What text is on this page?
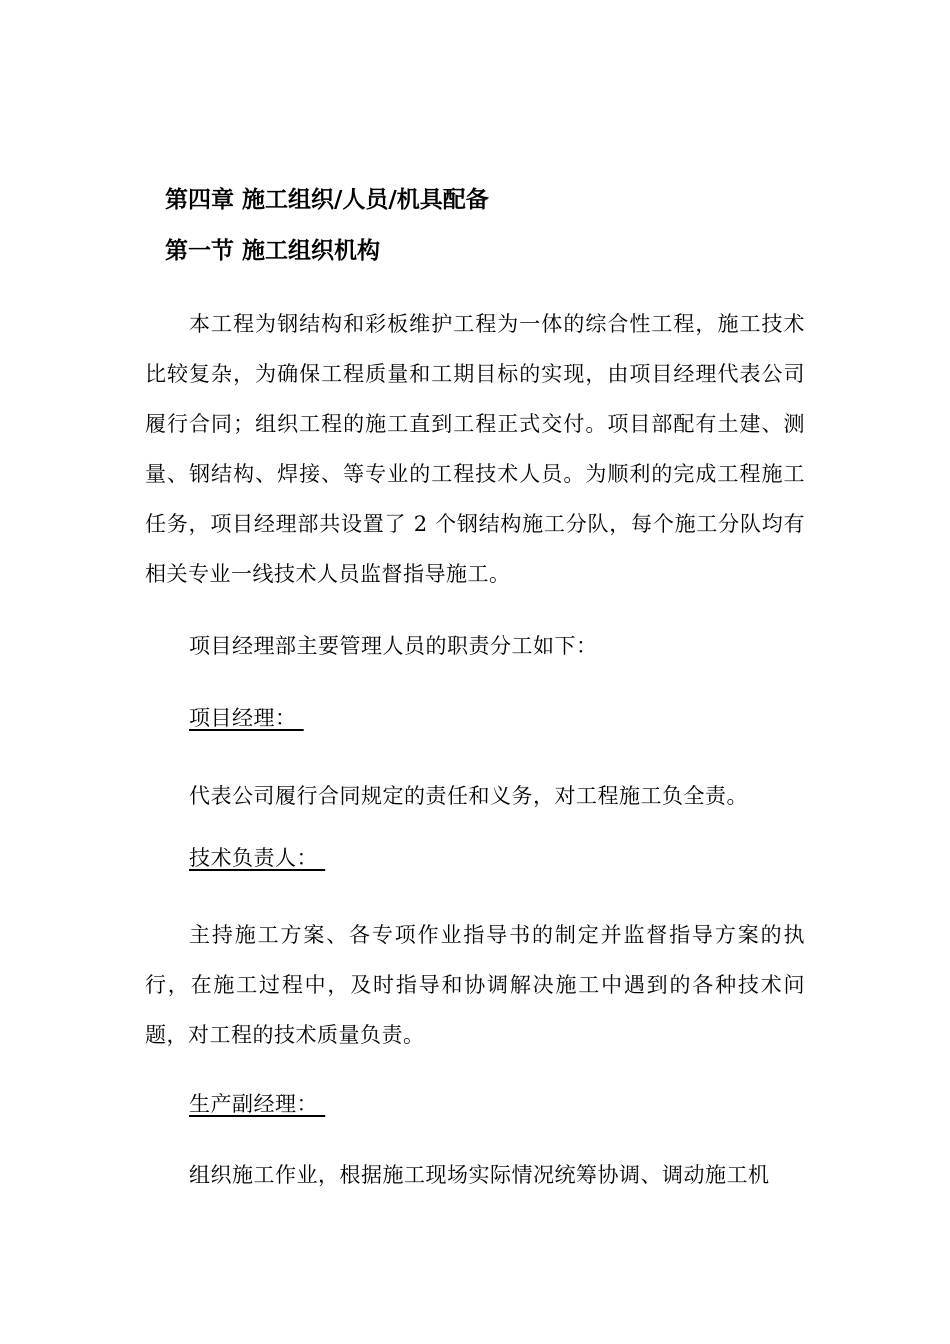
第四章 施工组织/人员/机具配备
第一节 施工组织机构
本工程为钢结构和彩板维护工程为一体的综合性工程，施工技术比较复杂，为确保工程质量和工期目标的实现，由项目经理代表公司履行合同；组织工程的施工直到工程正式交付。项目部配有土建、测量、钢结构、焊接、等专业的工程技术人员。为顺利的完成工程施工任务，项目经理部共设置了 2 个钢结构施工分队，每个施工分队均有相关专业一线技术人员监督指导施工。
项目经理部主要管理人员的职责分工如下：
项目经理：
代表公司履行合同规定的责任和义务，对工程施工负全责。
技术负责人：
主持施工方案、各专项作业指导书的制定并监督指导方案的执行，在施工过程中，及时指导和协调解决施工中遇到的各种技术问题，对工程的技术质量负责。
生产副经理：
组织施工作业，根据施工现场实际情况统筹协调、调动施工机
